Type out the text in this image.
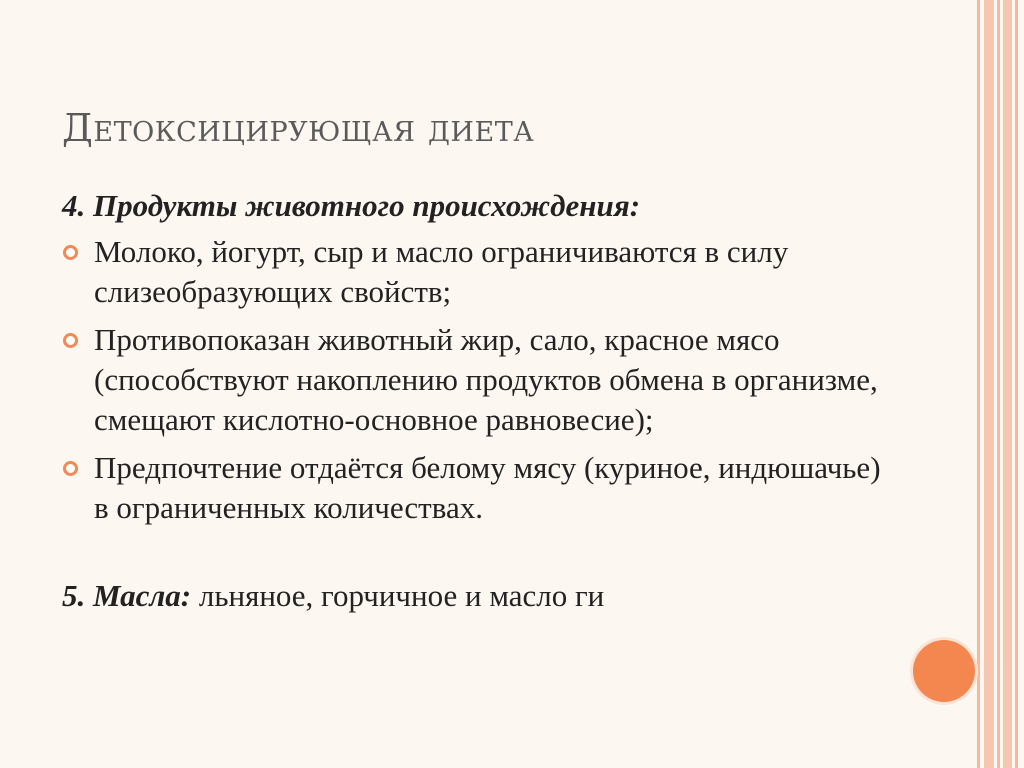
Детоксицирующая диета
4. Продукты животного происхождения:
Молоко, йогурт, сыр и масло ограничиваются в силу слизеобразующих свойств;
Противопоказан животный жир, сало, красное мясо (способствуют накоплению продуктов обмена в организме, смещают кислотно-основное равновесие);
Предпочтение отдаётся белому мясу (куриное, индюшачье) в ограниченных количествах.
5. Масла: льняное, горчичное и масло ги
